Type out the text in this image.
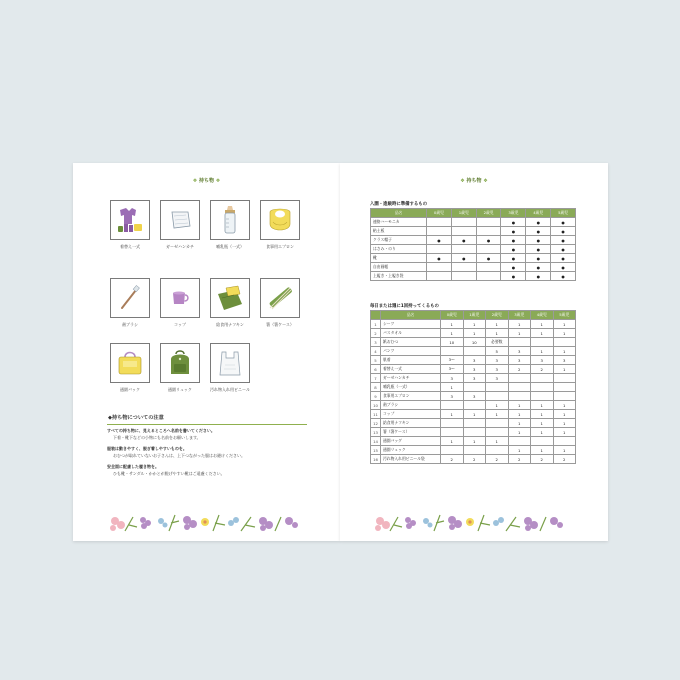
❖ 持ち物 ❖
着替え一式	ガーゼハンカチ	哺乳瓶（一式）	食事用エプロン
歯ブラシ	コップ	給食用ナフキン	箸（箸ケース）
通園バック	通園リュック	汚れ物入れ用ビニール
◆持ち物についての注意
すべての持ち物に、見えるところへ名前を書いてください。
下着・靴下などの小物にも名前をお願いします。
服装は動きやすく、脱ぎ着しやすいものを。
おむつが取れていないお子さんは、上下つながった服はお避けください。
安全面に配慮した履き物を。
ひも靴・サンダル・かかとが脱げやすい靴はご遠慮ください。
❖ 持ち物 ❖
入園・進級時に準備するもの
品名	0歳児	1歳児	2歳児	3歳児	4歳児	5歳児
連絡ハーモニカ				●	●	●
粘土板				●	●	●
クラス帽子	●	●	●	●	●	●
はさみ・のり				●	●	●
靴	●	●	●	●	●	●
自由画帳				●	●	●
上履き・上履き袋				●	●	●
毎日または週に1回持ってくるもの
	品名	0歳児	1歳児	2歳児	3歳児	4歳児	5歳児
1	シーツ	1	1	1	1	1	1
2	バスタオル	1	1	1	1	1	1
3	紙おむつ	10	10	必要数			
4	パンツ			5	3	1	1
5	肌着	3〜	3	3	3	3	3
6	着替え一式	3〜	3	3	2	2	1
7	ガーゼハンカチ	3	3	3			
8	哺乳瓶（一式）	1					
9	食事用エプロン	3	3				
10	歯ブラシ			1	1	1	1
11	コップ	1	1	1	1	1	1
12	給食用ナフキン				1	1	1
13	箸（箸ケース）				1	1	1
14	通園バッグ	1	1	1			
15	通園リュック				1	1	1
16	汚れ物入れ用ビニール袋	2	2	2	2	2	2
